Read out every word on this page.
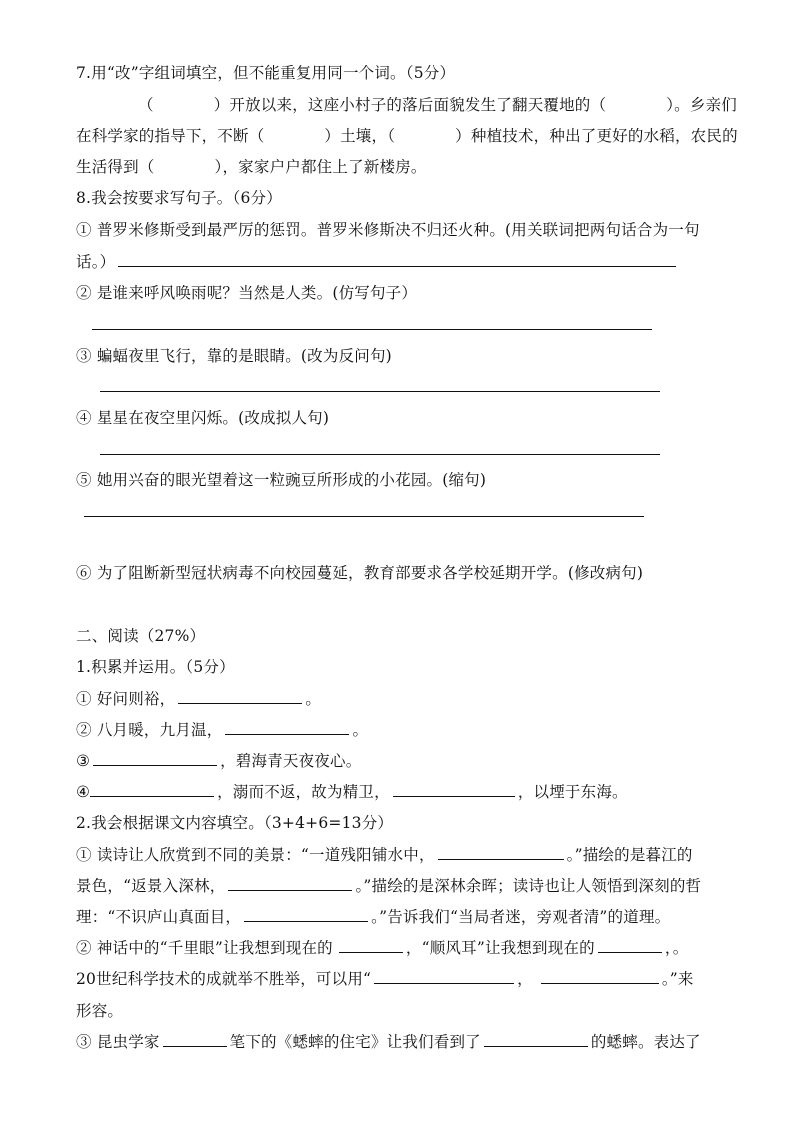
7.用“改”字组词填空，但不能重复用同一个词。（5分）
（	）开放以来，这座小村子的落后面貌发生了翻天覆地的（	）。乡亲们
在科学家的指导下，不断（	）土壤，（	）种植技术，种出了更好的水稻，农民的
生活得到（	），家家户户都住上了新楼房。
8.我会按要求写句子。（6分）
① 普罗米修斯受到最严厉的惩罚。普罗米修斯决不归还火种。(用关联词把两句话合为一句
话。）
② 是谁来呼风唤雨呢？当然是人类。(仿写句子）
③ 蝙蝠夜里飞行，靠的是眼睛。(改为反问句)
④ 星星在夜空里闪烁。(改成拟人句)
⑤ 她用兴奋的眼光望着这一粒豌豆所形成的小花园。(缩句)
⑥ 为了阻断新型冠状病毒不向校园蔓延，教育部要求各学校延期开学。(修改病句)
二、阅读（27%）
1.积累并运用。（5分）
① 好问则裕，	。
② 八月暖，九月温，	。
③	，碧海青天夜夜心。
④	，溺而不返，故为精卫，	，以堙于东海。
2.我会根据课文内容填空。（3+4+6=13分）
① 读诗让人欣赏到不同的美景：“一道残阳铺水中，	。”描绘的是暮江的
景色，“返景入深林，	。”描绘的是深林余晖；读诗也让人领悟到深刻的哲
理：“不识庐山真面目，	。”告诉我们“当局者迷，旁观者清”的道理。
② 神话中的“千里眼”让我想到现在的	，“顺风耳”让我想到现在的	，。
20世纪科学技术的成就举不胜举，可以用“	，	。”来
形容。
③ 昆虫学家	笔下的《蟋蟀的住宅》让我们看到了	的蟋蟀。表达了
